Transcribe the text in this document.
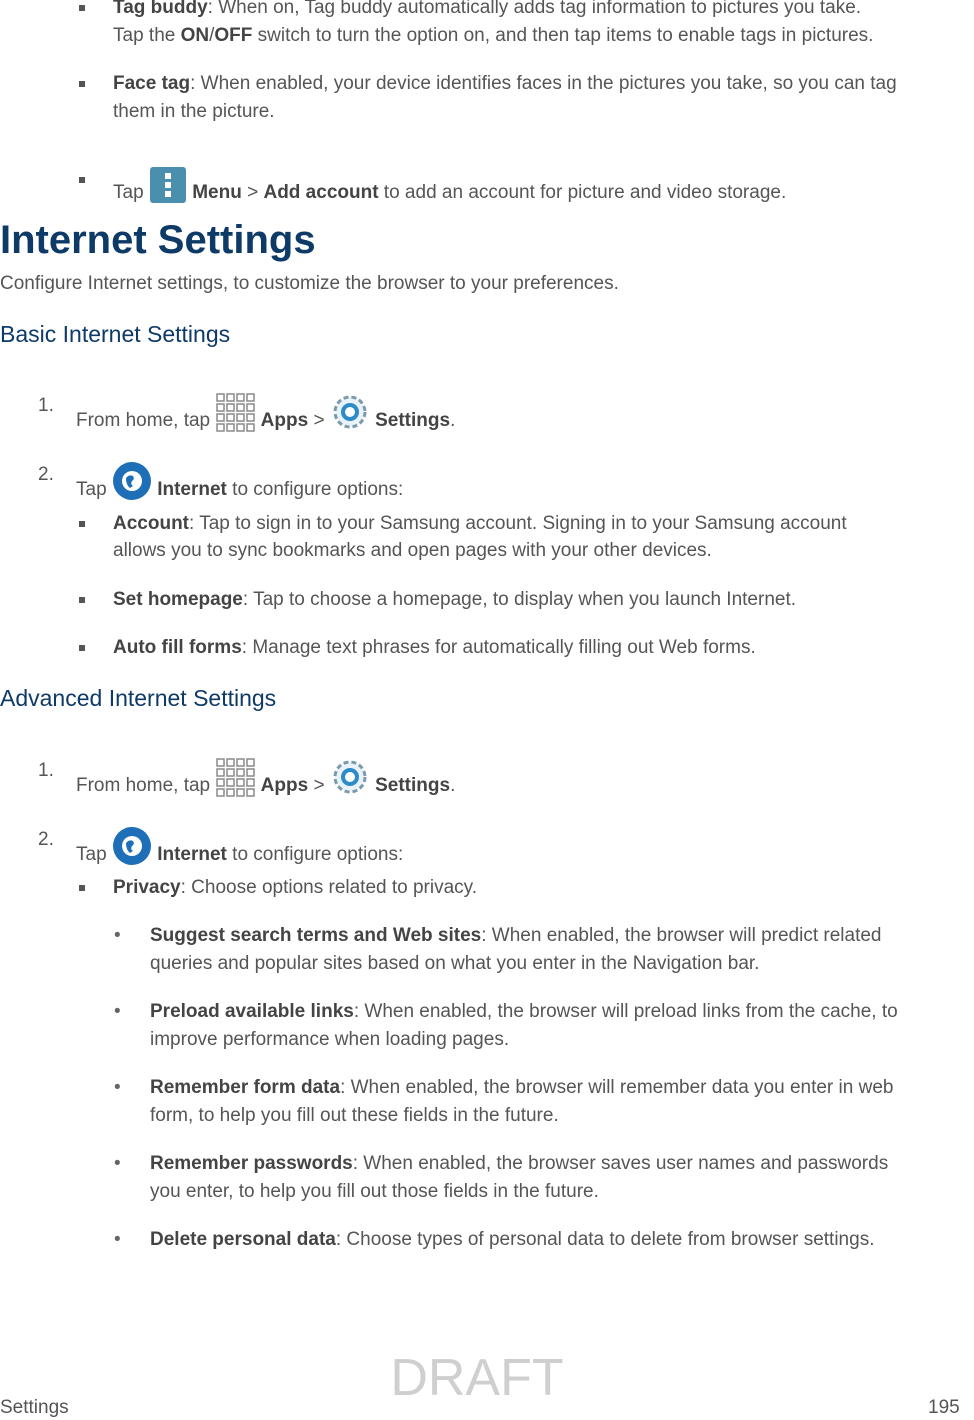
Tag buddy: When on, Tag buddy automatically adds tag information to pictures you take.
Tap the ON/OFF switch to turn the option on, and then tap items to enable tags in pictures.
Face tag: When enabled, your device identifies faces in the pictures you take, so you can tag
them in the picture.
Tap  Menu > Add account to add an account for picture and video storage.
Internet Settings
Configure Internet settings, to customize the browser to your preferences.
Basic Internet Settings
1.
From home, tap  Apps >  Settings.
2.
Tap  Internet to configure options:
Account: Tap to sign in to your Samsung account. Signing in to your Samsung account
allows you to sync bookmarks and open pages with your other devices.
Set homepage: Tap to choose a homepage, to display when you launch Internet.
Auto fill forms: Manage text phrases for automatically filling out Web forms.
Advanced Internet Settings
1.
From home, tap  Apps >  Settings.
2.
Tap  Internet to configure options:
Privacy: Choose options related to privacy.
• Suggest search terms and Web sites: When enabled, the browser will predict related
queries and popular sites based on what you enter in the Navigation bar.
• Preload available links: When enabled, the browser will preload links from the cache, to
improve performance when loading pages.
• Remember form data: When enabled, the browser will remember data you enter in web
form, to help you fill out these fields in the future.
• Remember passwords: When enabled, the browser saves user names and passwords
you enter, to help you fill out those fields in the future.
• Delete personal data: Choose types of personal data to delete from browser settings.
DRAFT
Settings	195
